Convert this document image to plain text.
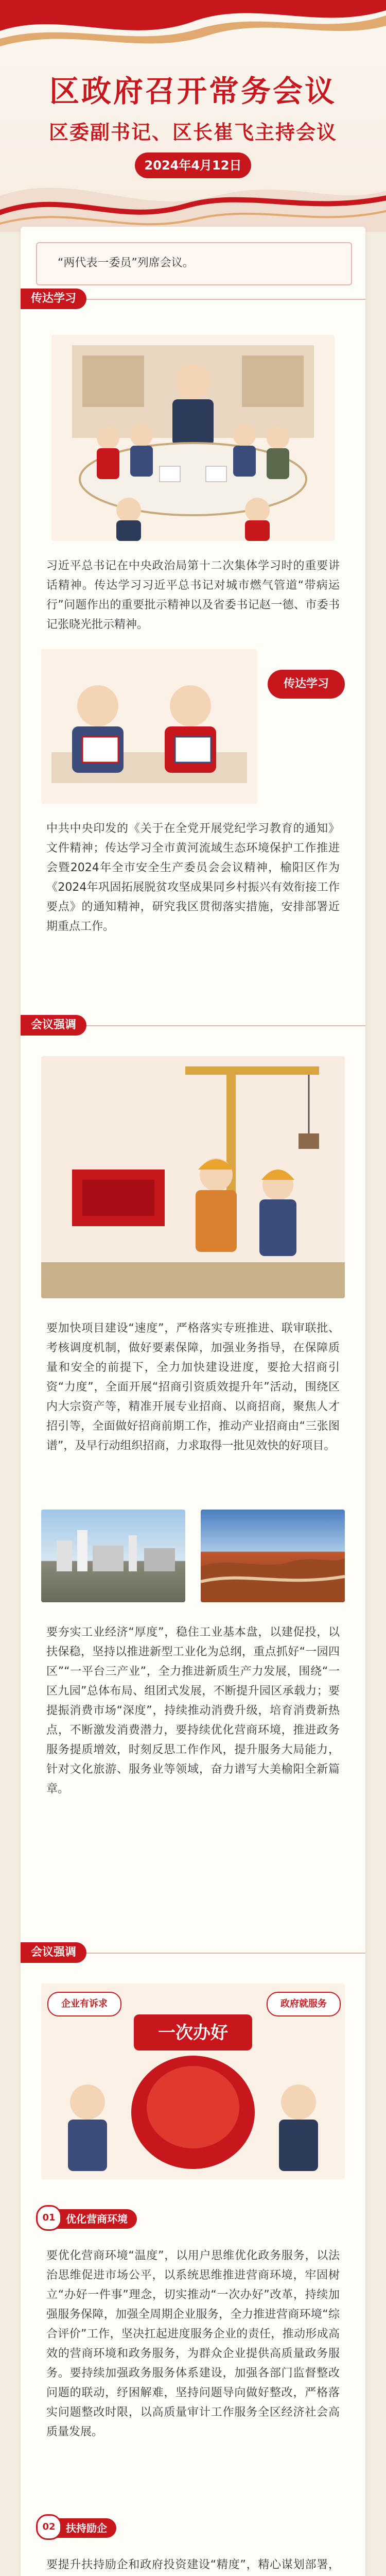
区政府召开常务会议
区委副书记、区长崔飞主持会议
2024年4月12日
“两代表一委员”列席会议。
传达学习
习近平总书记在中央政治局第十二次集体学习时的重要讲话精神。传达学习习近平总书记对城市燃气管道“带病运行”问题作出的重要批示精神以及省委书记赵一德、市委书记张晓光批示精神。
传达学习
中共中央印发的《关于在全党开展党纪学习教育的通知》文件精神；传达学习全市黄河流域生态环境保护工作推进会暨2024年全市安全生产委员会会议精神，榆阳区作为《2024年巩固拓展脱贫攻坚成果同乡村振兴有效衔接工作要点》的通知精神，研究我区贯彻落实措施，安排部署近期重点工作。
会议强调
要加快项目建设“速度”，严格落实专班推进、联审联批、考核调度机制，做好要素保障，加强业务指导，在保障质量和安全的前提下，全力加快建设进度，要抢大招商引资“力度”，全面开展“招商引资质效提升年”活动，围绕区内大宗资产等，精准开展专业招商、以商招商，聚焦人才招引等，全面做好招商前期工作，推动产业招商由“三张图谱”，及早行动组织招商，力求取得一批见效快的好项目。
要夯实工业经济“厚度”，稳住工业基本盘，以建促投，以扶保稳，坚持以推进新型工业化为总纲，重点抓好“一园四区”“一平台三产业”，全力推进新质生产力发展，围绕“一区九园”总体布局、组团式发展，不断提升园区承载力；要提振消费市场“深度”，持续推动消费升级，培育消费新热点，不断激发消费潜力，要持续优化营商环境，推进政务服务提质增效，时刻反思工作作风，提升服务大局能力，针对文化旅游、服务业等领域，奋力谱写大美榆阳全新篇章。
会议强调
一次办好
企业有诉求	政府就服务
优化营商环境
01
要优化营商环境“温度”，以用户思维优化政务服务，以法治思维促进市场公平，以系统思维推进营商环境，牢固树立“办好一件事”理念，切实推动“一次办好”改革，持续加强服务保障，加强全周期企业服务，全力推进营商环境“综合评价”工作，坚决扛起进度服务企业的责任，推动形成高效的营商环境和政务服务，为群众企业提供高质量政务服务。要持续加强政务服务体系建设，加强各部门监督整改问题的联动，纾困解难，坚持问题导向做好整改，严格落实问题整改时限，以高质量审计工作服务全区经济社会高质量发展。
扶持励企
02
要提升扶持励企和政府投资建设“精度”，精心谋划部署，
